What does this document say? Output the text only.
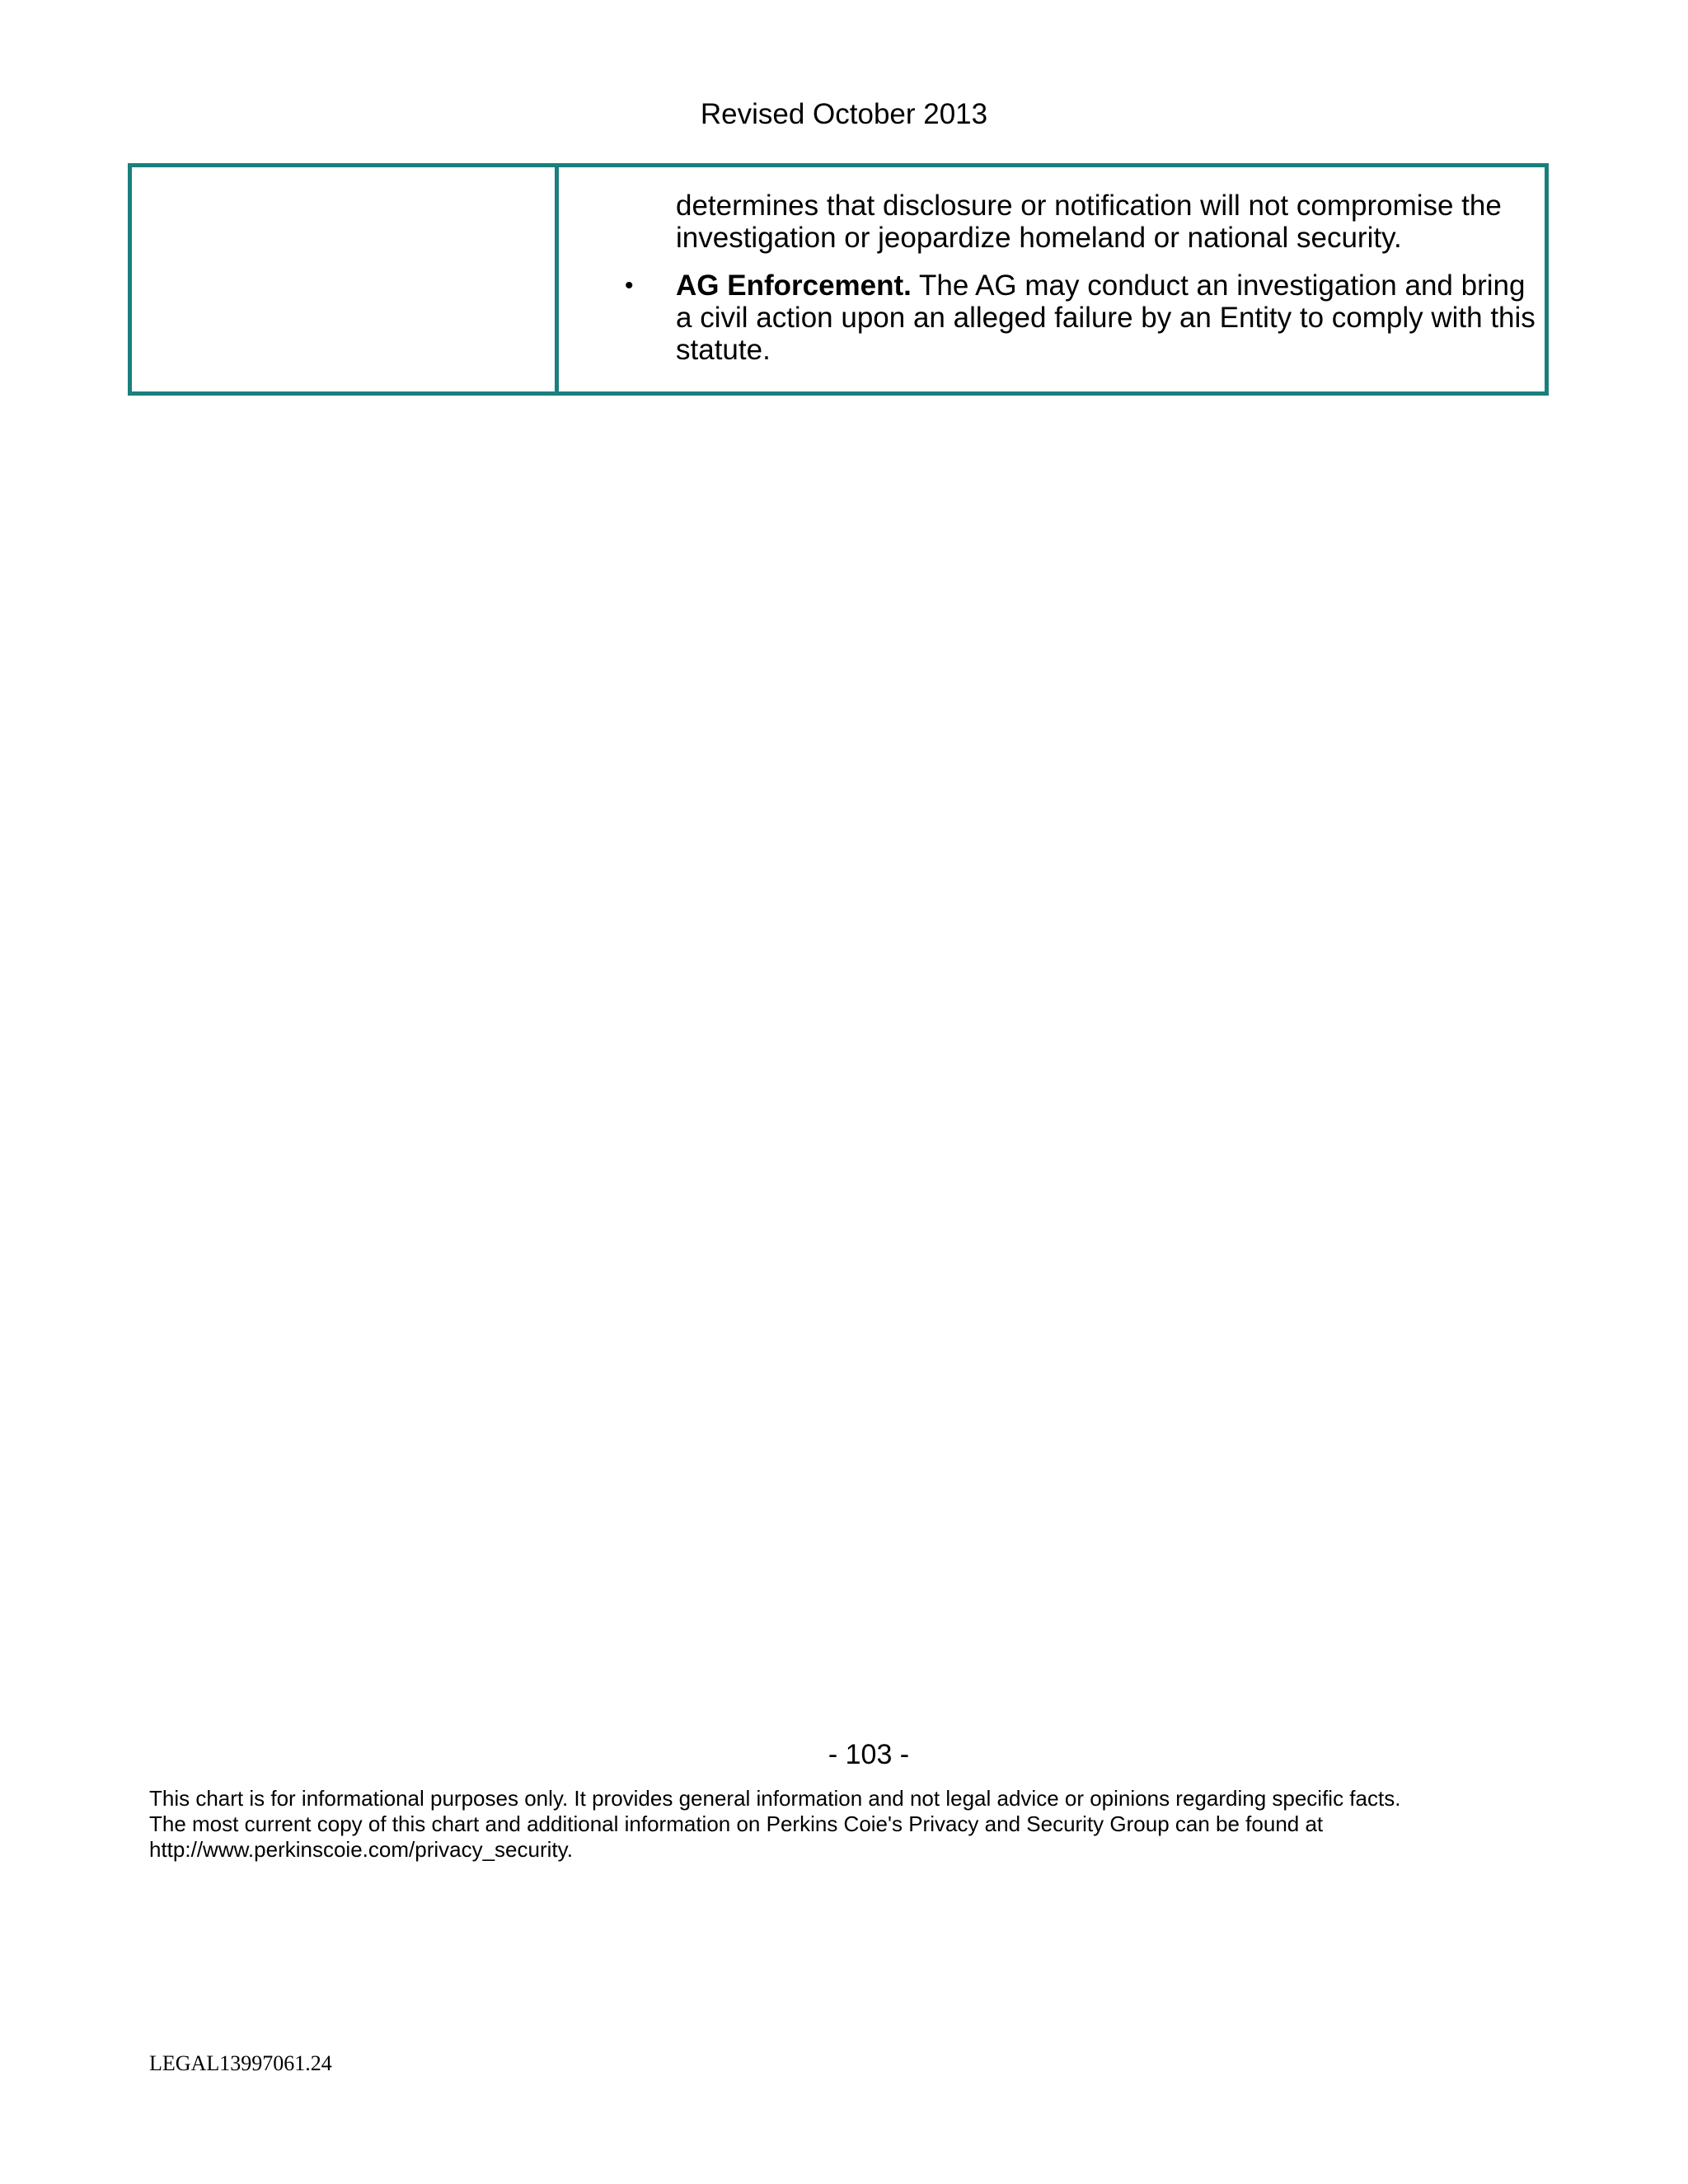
Revised October 2013
determines that disclosure or notification will not compromise the investigation or jeopardize homeland or national security.
•	AG Enforcement. The AG may conduct an investigation and bring a civil action upon an alleged failure by an Entity to comply with this statute.
- 103 -
This chart is for informational purposes only. It provides general information and not legal advice or opinions regarding specific facts.
The most current copy of this chart and additional information on Perkins Coie's Privacy and Security Group can be found at
http://www.perkinscoie.com/privacy_security.
LEGAL13997061.24
